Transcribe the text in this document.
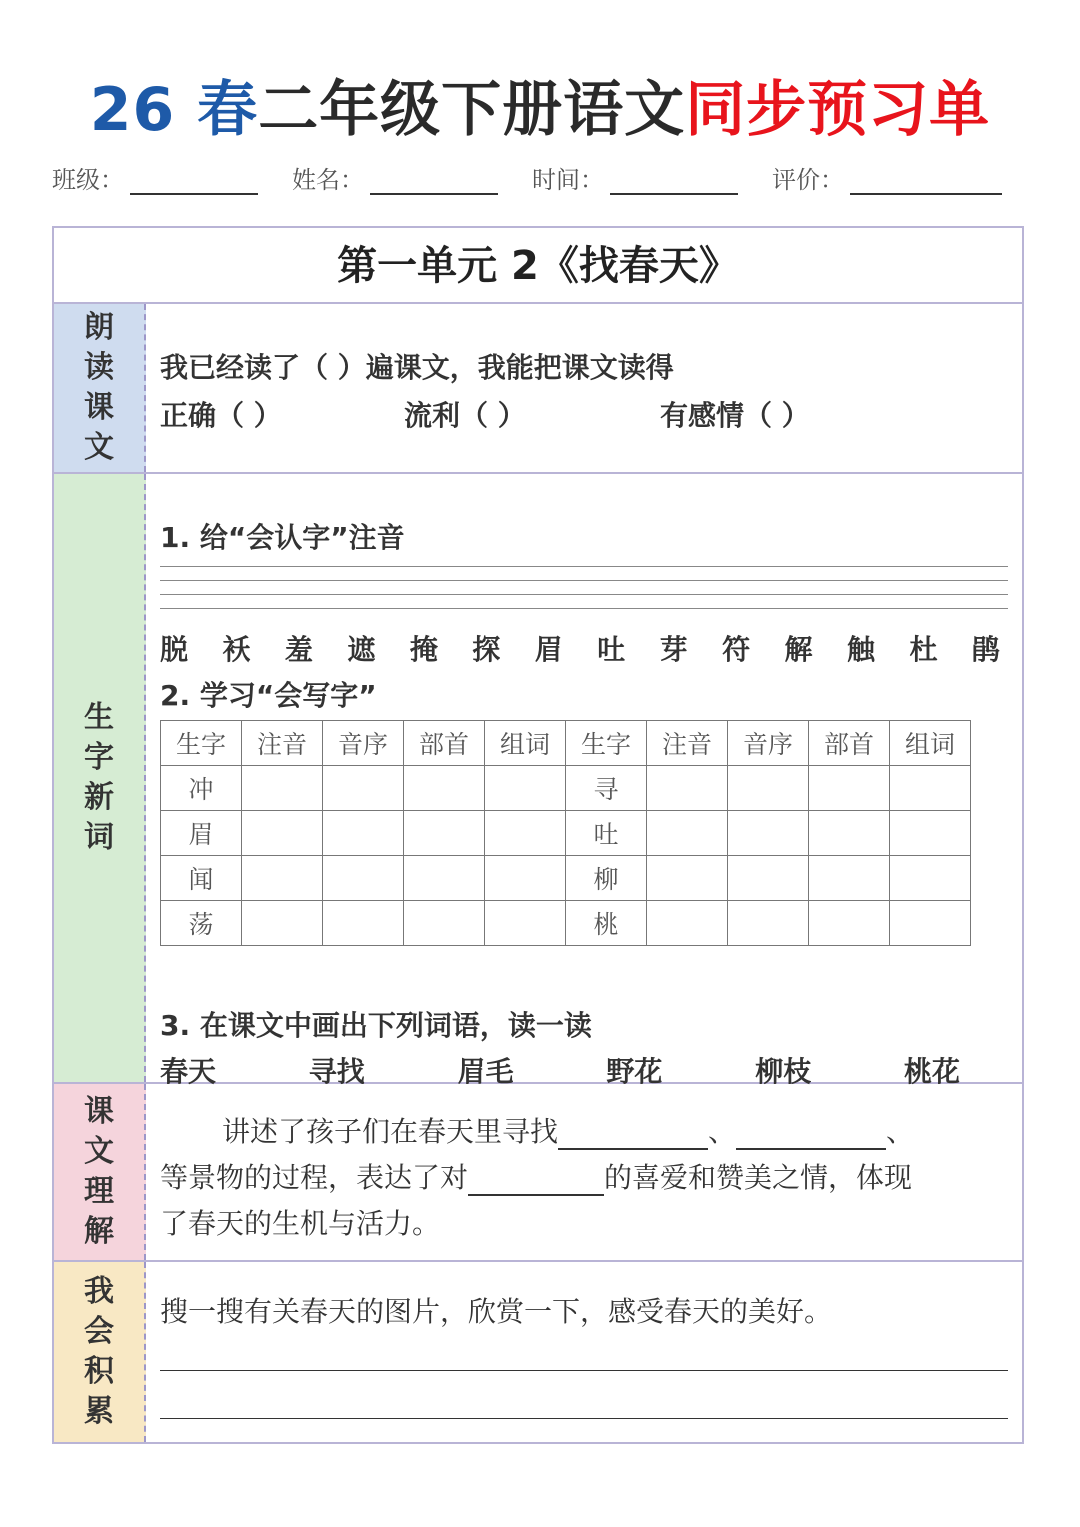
26 春二年级下册语文同步预习单
班级：	姓名：	时间：	评价：
第一单元 2《找春天》
朗
读
课
文
我已经读了（ ）遍课文，我能把课文读得
正确（ ）	流利（ ）	有感情（ ）
生
字
新
词
1. 给“会认字”注音
脱 袄 羞 遮 掩 探 眉 吐 芽 符 解 触 杜 鹃
2. 学习“会写字”
生字	注音	音序	部首	组词	生字	注音	音序	部首	组词
冲					寻				
眉					吐				
闻					柳				
荡					桃				
3. 在课文中画出下列词语，读一读
春天	寻找	眉毛	野花	柳枝	桃花
课
文
理
解
讲述了孩子们在春天里寻找	、	、
等景物的过程，表达了对	的喜爱和赞美之情，体现
了春天的生机与活力。
我
会
积
累
搜一搜有关春天的图片，欣赏一下，感受春天的美好。
